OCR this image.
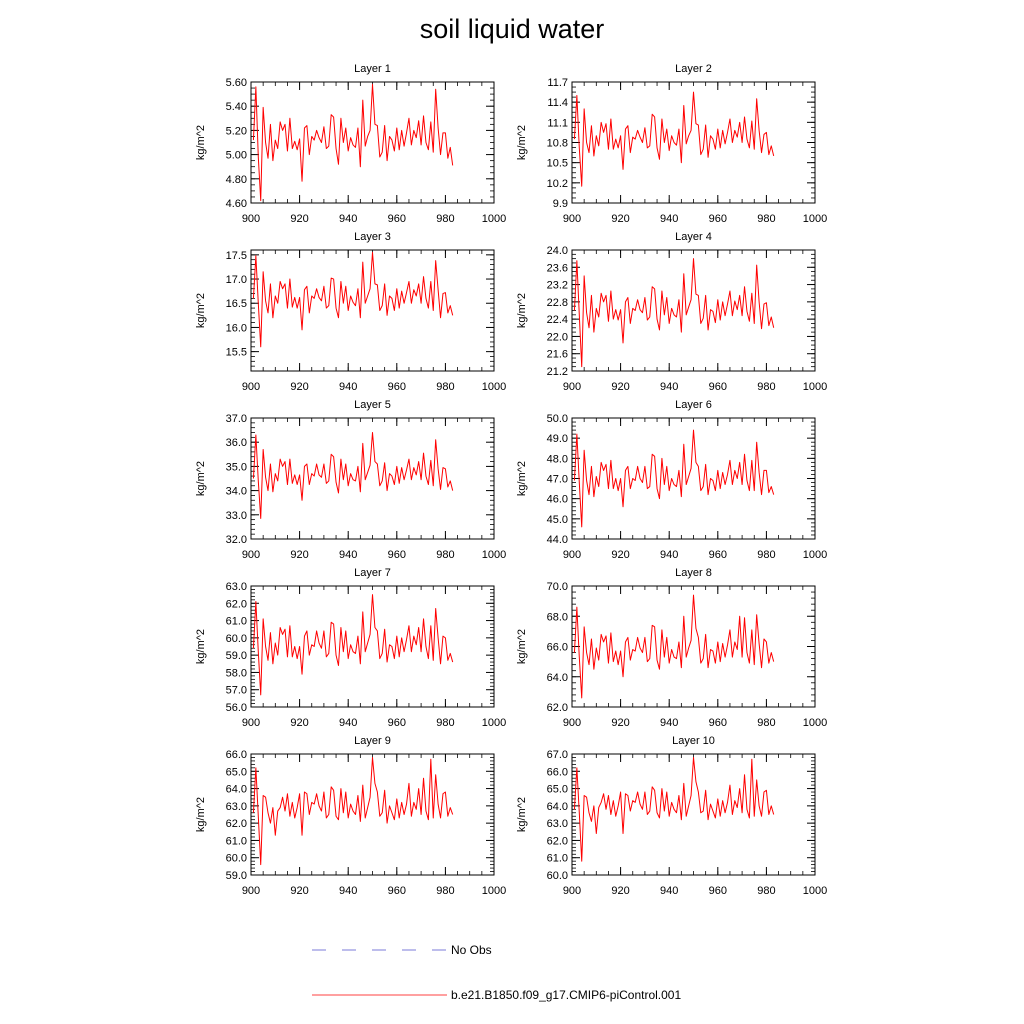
soil liquid water
Layer 1
4.60
4.80
5.00
5.20
5.40
5.60
900	920	940	960	980 1000
kg/m^2
Layer 2
9.9
10.2
10.5
10.8
11.1
11.4
11.7
900	920	940	960	980 1000
kg/m^2
Layer 3
15.5
16.0
16.5
17.0
17.5
900	920	940	960	980 1000
kg/m^2
Layer 4
21.2
21.6
22.0
22.4
22.8
23.2
23.6
24.0
900	920	940	960	980 1000
kg/m^2
Layer 5
32.0
33.0
34.0
35.0
36.0
37.0
900	920	940	960	980 1000
kg/m^2
Layer 6
44.0
45.0
46.0
47.0
48.0
49.0
50.0
900	920	940	960	980 1000
kg/m^2
Layer 7
56.0
57.0
58.0
59.0
60.0
61.0
62.0
63.0
900	920	940	960	980 1000
kg/m^2
Layer 8
62.0
64.0
66.0
68.0
70.0
900	920	940	960	980 1000
kg/m^2
Layer 9
59.0
60.0
61.0
62.0
63.0
64.0
65.0
66.0
900	920	940	960	980 1000
kg/m^2
Layer 10
60.0
61.0
62.0
63.0
64.0
65.0
66.0
67.0
900	920	940	960	980 1000
kg/m^2
No Obs
b.e21.B1850.f09_g17.CMIP6-piControl.001
